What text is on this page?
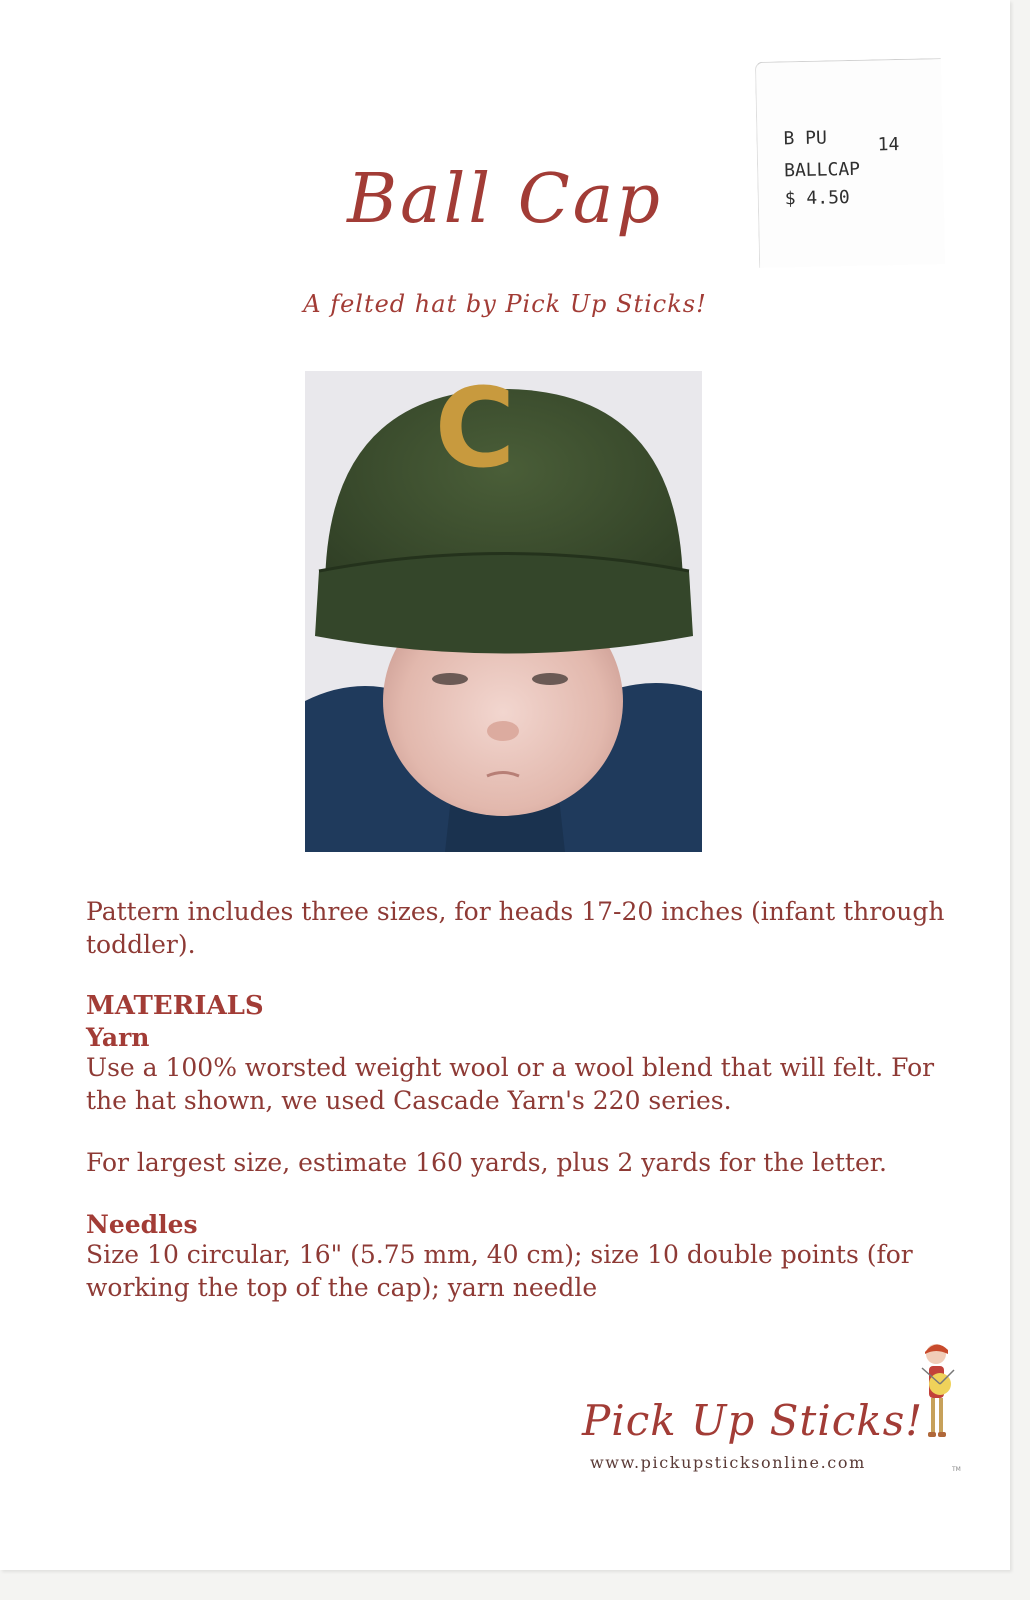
B PU	14
BALLCAP
$ 4.50
Ball Cap
A felted hat by Pick Up Sticks!
C
Pattern includes three sizes, for heads 17-20 inches (infant through toddler).
MATERIALS
Yarn
Use a 100% worsted weight wool or a wool blend that will felt. For the hat shown, we used Cascade Yarn's 220 series.
For largest size, estimate 160 yards, plus 2 yards for the letter.
Needles
Size 10 circular, 16" (5.75 mm, 40 cm); size 10 double points (for working the top of the cap); yarn needle
Pick Up Sticks!
www.pickupsticksonline.com	TM
